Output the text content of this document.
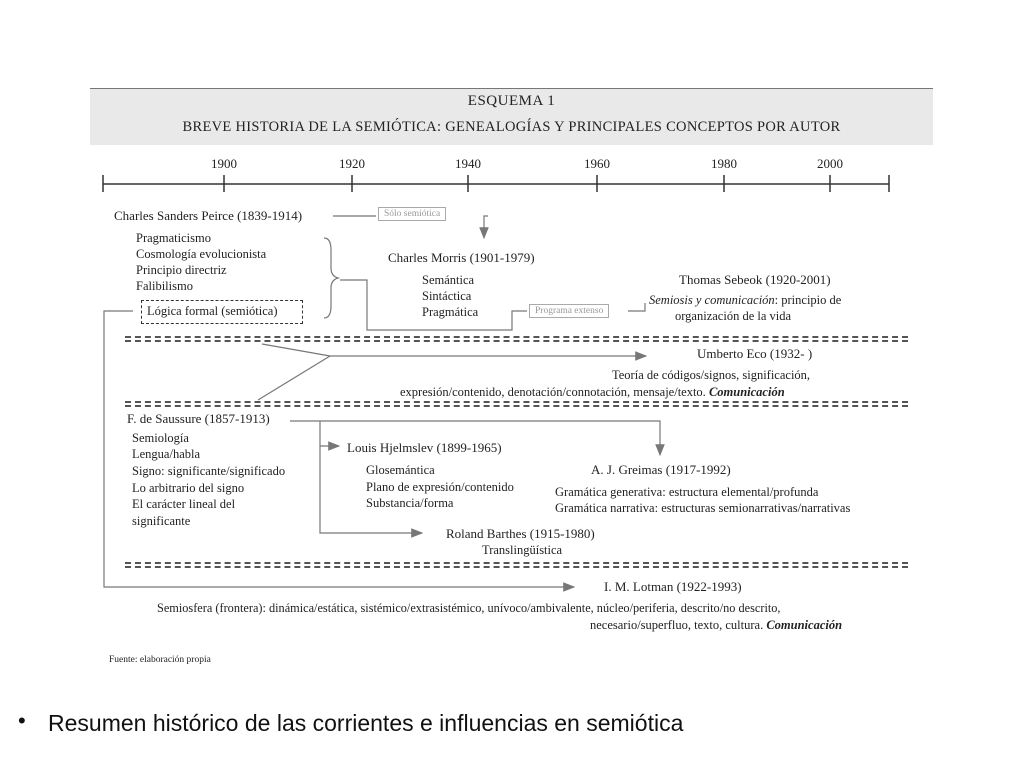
ESQUEMA 1
BREVE HISTORIA DE LA SEMIÓTICA: GENEALOGÍAS Y PRINCIPALES CONCEPTOS POR AUTOR
1900	1920	1940	1960	1980	2000
Sólo semiótica
Programa extenso
Charles Sanders Peirce (1839-1914)
Pragmaticismo
Cosmología evolucionista
Principio directriz
Falibilismo
Lógica formal (semiótica)
Charles Morris (1901-1979)
Semántica
Sintáctica
Pragmática
Thomas Sebeok (1920-2001)
Semiosis y comunicación: principio de
organización de la vida
Umberto Eco (1932- )
Teoría de códigos/signos, significación,
expresión/contenido, denotación/connotación, mensaje/texto. Comunicación
F. de Saussure (1857-1913)
Semiología
Lengua/habla
Signo: significante/significado
Lo arbitrario del signo
El carácter lineal del
significante
Louis Hjelmslev (1899-1965)
Glosemántica
Plano de expresión/contenido
Substancia/forma
A. J. Greimas (1917-1992)
Gramática generativa: estructura elemental/profunda
Gramática narrativa: estructuras semionarrativas/narrativas
Roland Barthes (1915-1980)
Translingüística
I. M. Lotman (1922-1993)
Semiosfera (frontera): dinámica/estática, sistémico/extrasistémico, unívoco/ambivalente, núcleo/periferia, descrito/no descrito,
necesario/superfluo, texto, cultura. Comunicación
Fuente: elaboración propia
• Resumen histórico de las corrientes e influencias en semiótica
